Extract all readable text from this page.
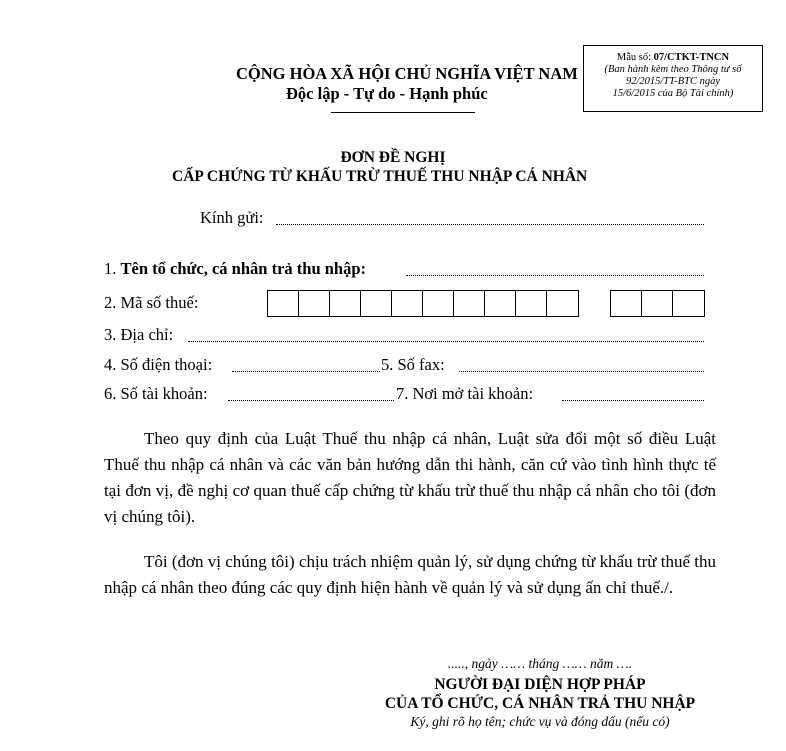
CỘNG HÒA XÃ HỘI CHỦ NGHĨA VIỆT NAM
Độc lập - Tự do - Hạnh phúc
Mẫu số: 07/CTKT-TNCN
(Ban hành kèm theo Thông tư số
92/2015/TT-BTC ngày
15/6/2015 của Bộ Tài chính)
ĐƠN ĐỀ NGHỊ
CẤP CHỨNG TỪ KHẤU TRỪ THUẾ THU NHẬP CÁ NHÂN
Kính gửi:
1. Tên tổ chức, cá nhân trả thu nhập:
2. Mã số thuế:
3. Địa chỉ:
4. Số điện thoại:	5. Số fax:
6. Số tài khoản:	7. Nơi mở tài khoản:
Theo quy định của Luật Thuế thu nhập cá nhân, Luật sửa đổi một số điều Luật Thuế thu nhập cá nhân và các văn bản hướng dẫn thi hành, căn cứ vào tình hình thực tế tại đơn vị, đề nghị cơ quan thuế cấp chứng từ khấu trừ thuế thu nhập cá nhân cho tôi (đơn vị chúng tôi).
Tôi (đơn vị chúng tôi) chịu trách nhiệm quản lý, sử dụng chứng từ khấu trừ thuế thu nhập cá nhân theo đúng các quy định hiện hành về quản lý và sử dụng ấn chỉ thuế./.
....., ngày …… tháng …… năm ….
NGƯỜI ĐẠI DIỆN HỢP PHÁP
CỦA TỔ CHỨC, CÁ NHÂN TRẢ THU NHẬP
Ký, ghi rõ họ tên; chức vụ và đóng dấu (nếu có)
